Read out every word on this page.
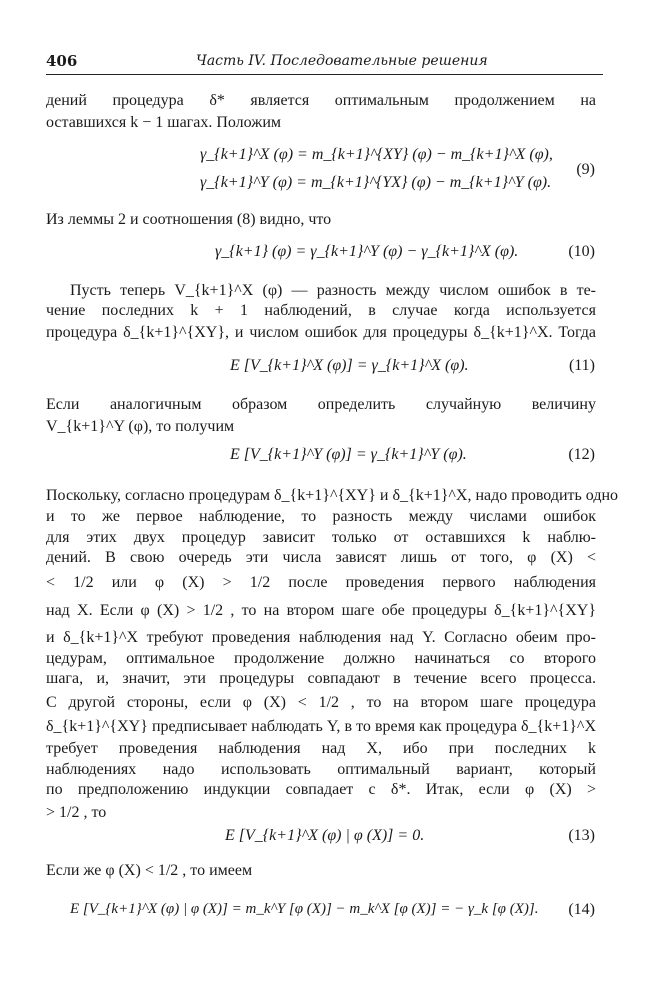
406	Часть IV. Последовательные решения
дений процедура δ* является оптимальным продолжением на
оставшихся k − 1 шагах. Положим
γ_{k+1}^X (φ) = m_{k+1}^{XY} (φ) − m_{k+1}^X (φ),
γ_{k+1}^Y (φ) = m_{k+1}^{YX} (φ) − m_{k+1}^Y (φ).
(9)
Из леммы 2 и соотношения (8) видно, что
γ_{k+1} (φ) = γ_{k+1}^Y (φ) − γ_{k+1}^X (φ).	(10)
Пусть теперь V_{k+1}^X (φ) — разность между числом ошибок в те-
чение последних k + 1 наблюдений, в случае когда используется
процедура δ_{k+1}^{XY}, и числом ошибок для процедуры δ_{k+1}^X. Тогда
E [V_{k+1}^X (φ)] = γ_{k+1}^X (φ).	(11)
Если аналогичным образом определить случайную величину
V_{k+1}^Y (φ), то получим
E [V_{k+1}^Y (φ)] = γ_{k+1}^Y (φ).	(12)
Поскольку, согласно процедурам δ_{k+1}^{XY} и δ_{k+1}^X, надо проводить одно
и то же первое наблюдение, то разность между числами ошибок
для этих двух процедур зависит только от оставшихся k наблю-
дений. В свою очередь эти числа зависят лишь от того, φ (X) <
< 1/2 или φ (X) > 1/2 после проведения первого наблюдения
над X. Если φ (X) > 1/2 , то на втором шаге обе процедуры δ_{k+1}^{XY}
и δ_{k+1}^X требуют проведения наблюдения над Y. Согласно обеим про-
цедурам, оптимальное продолжение должно начинаться со второго
шага, и, значит, эти процедуры совпадают в течение всего процесса.
С другой стороны, если φ (X) < 1/2 , то на втором шаге процедура
δ_{k+1}^{XY} предписывает наблюдать Y, в то время как процедура δ_{k+1}^X
требует проведения наблюдения над X, ибо при последних k
наблюдениях надо использовать оптимальный вариант, который
по предположению индукции совпадает с δ*. Итак, если φ (X) >
> 1/2 , то
E [V_{k+1}^X (φ) | φ (X)] = 0.	(13)
Если же φ (X) < 1/2 , то имеем
E [V_{k+1}^X (φ) | φ (X)] = m_k^Y [φ (X)] − m_k^X [φ (X)] = − γ_k [φ (X)]. (14)
